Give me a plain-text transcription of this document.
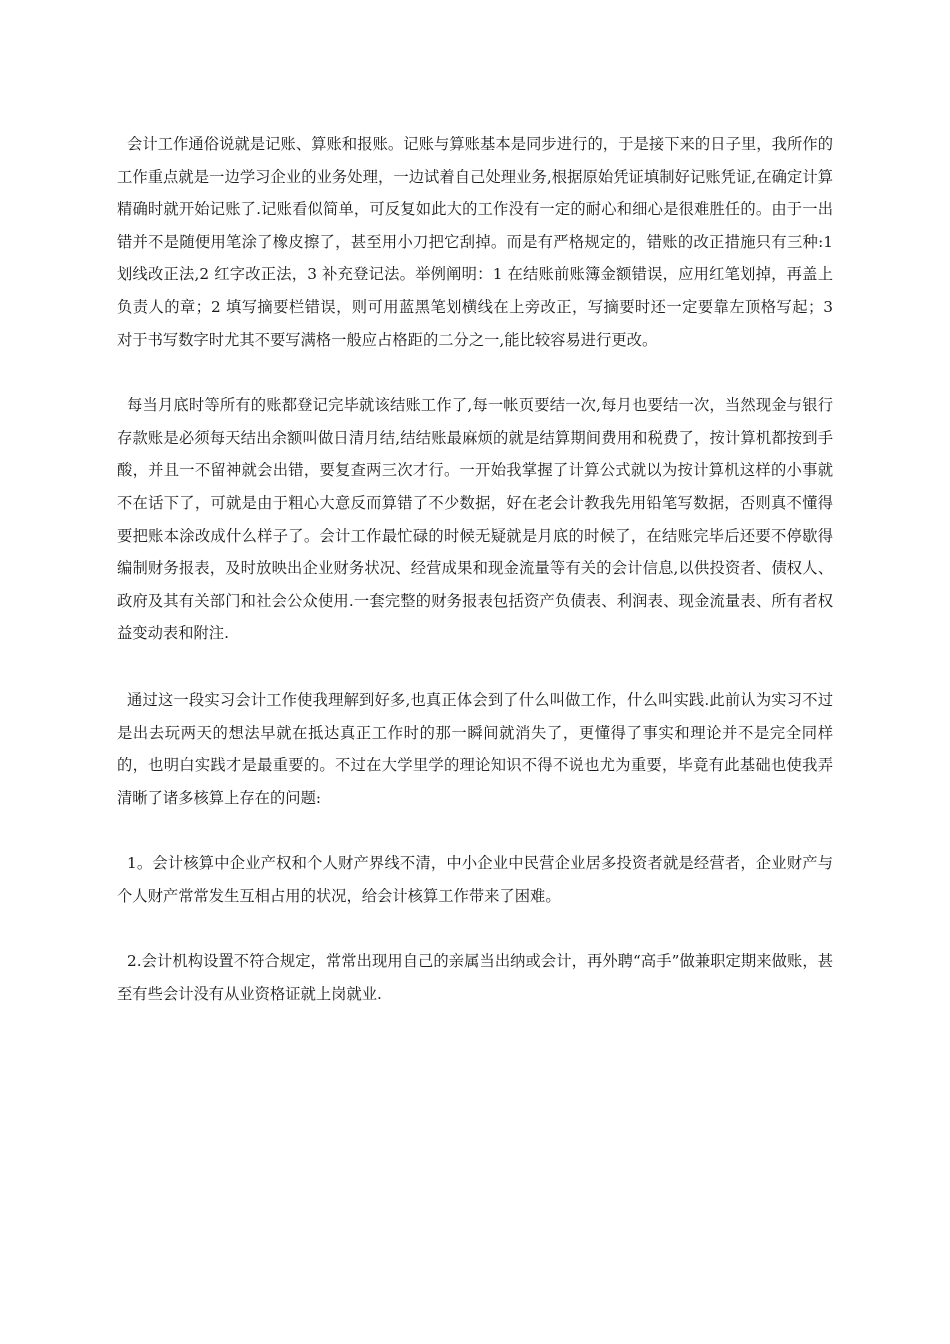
会计工作通俗说就是记账、算账和报账。记账与算账基本是同步进行的，于是接下来的日子里，我所作的工作重点就是一边学习企业的业务处理，一边试着自己处理业务,根据原始凭证填制好记账凭证,在确定计算精确时就开始记账了.记账看似简单，可反复如此大的工作没有一定的耐心和细心是很难胜任的。由于一出错并不是随便用笔涂了橡皮擦了，甚至用小刀把它刮掉。而是有严格规定的，错账的改正措施只有三种:1 划线改正法,2 红字改正法，3 补充登记法。举例阐明：1 在结账前账簿金额错误，应用红笔划掉，再盖上负责人的章；2 填写摘要栏错误，则可用蓝黑笔划横线在上旁改正，写摘要时还一定要靠左顶格写起；3 对于书写数字时尤其不要写满格一般应占格距的二分之一,能比较容易进行更改。

每当月底时等所有的账都登记完毕就该结账工作了,每一帐页要结一次,每月也要结一次，当然现金与银行存款账是必须每天结出余额叫做日清月结,结结账最麻烦的就是结算期间费用和税费了，按计算机都按到手酸，并且一不留神就会出错，要复查两三次才行。一开始我掌握了计算公式就以为按计算机这样的小事就不在话下了，可就是由于粗心大意反而算错了不少数据，好在老会计教我先用铅笔写数据，否则真不懂得要把账本涂改成什么样子了。会计工作最忙碌的时候无疑就是月底的时候了，在结账完毕后还要不停歇得编制财务报表，及时放映出企业财务状况、经营成果和现金流量等有关的会计信息,以供投资者、债权人、政府及其有关部门和社会公众使用.一套完整的财务报表包括资产负债表、利润表、现金流量表、所有者权益变动表和附注.

通过这一段实习会计工作使我理解到好多,也真正体会到了什么叫做工作，什么叫实践.此前认为实习不过是出去玩两天的想法早就在抵达真正工作时的那一瞬间就消失了，更懂得了事实和理论并不是完全同样的，也明白实践才是最重要的。不过在大学里学的理论知识不得不说也尤为重要，毕竟有此基础也使我弄清晰了诸多核算上存在的问题:

1。会计核算中企业产权和个人财产界线不清，中小企业中民营企业居多投资者就是经营者，企业财产与个人财产常常发生互相占用的状况，给会计核算工作带来了困难。

2.会计机构设置不符合规定，常常出现用自己的亲属当出纳或会计，再外聘“高手”做兼职定期来做账，甚至有些会计没有从业资格证就上岗就业.
